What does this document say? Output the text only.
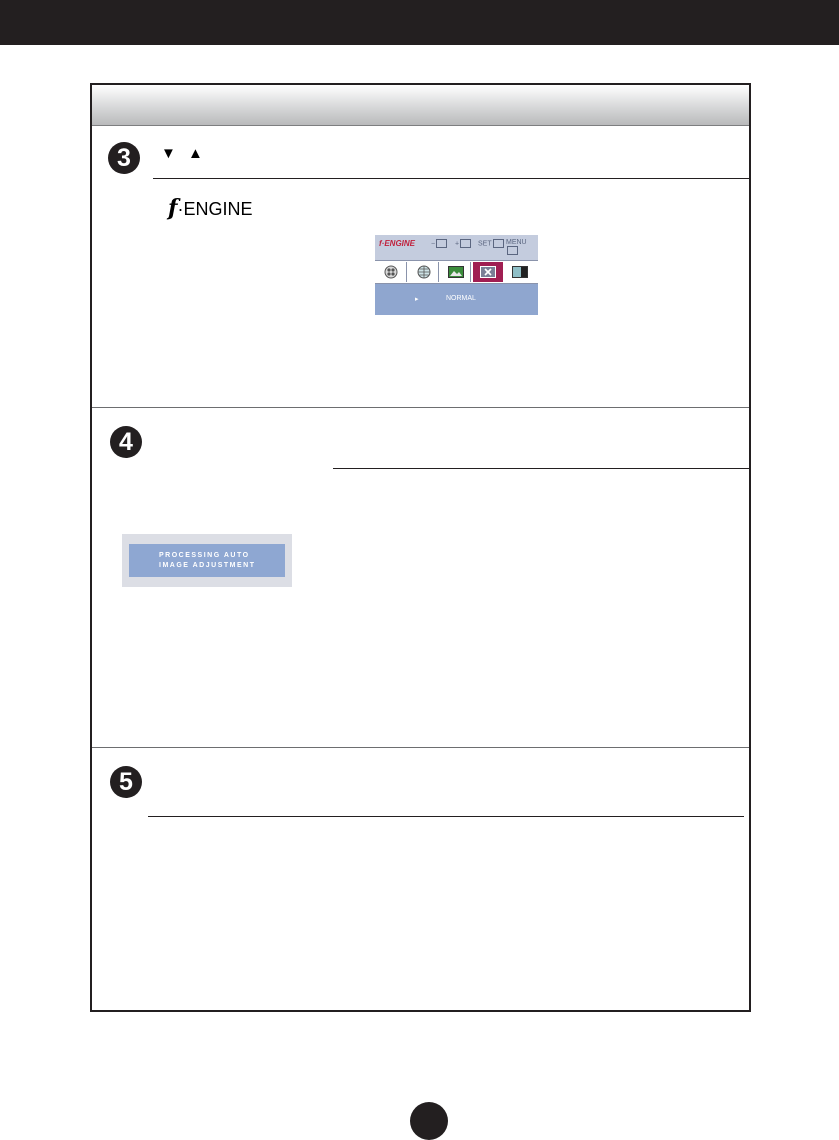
3	▼ ▲
f·ENGINE
f·ENGINE −	+	SET	MENU
▸	NORMAL
4
PROCESSING AUTO
IMAGE ADJUSTMENT
5
